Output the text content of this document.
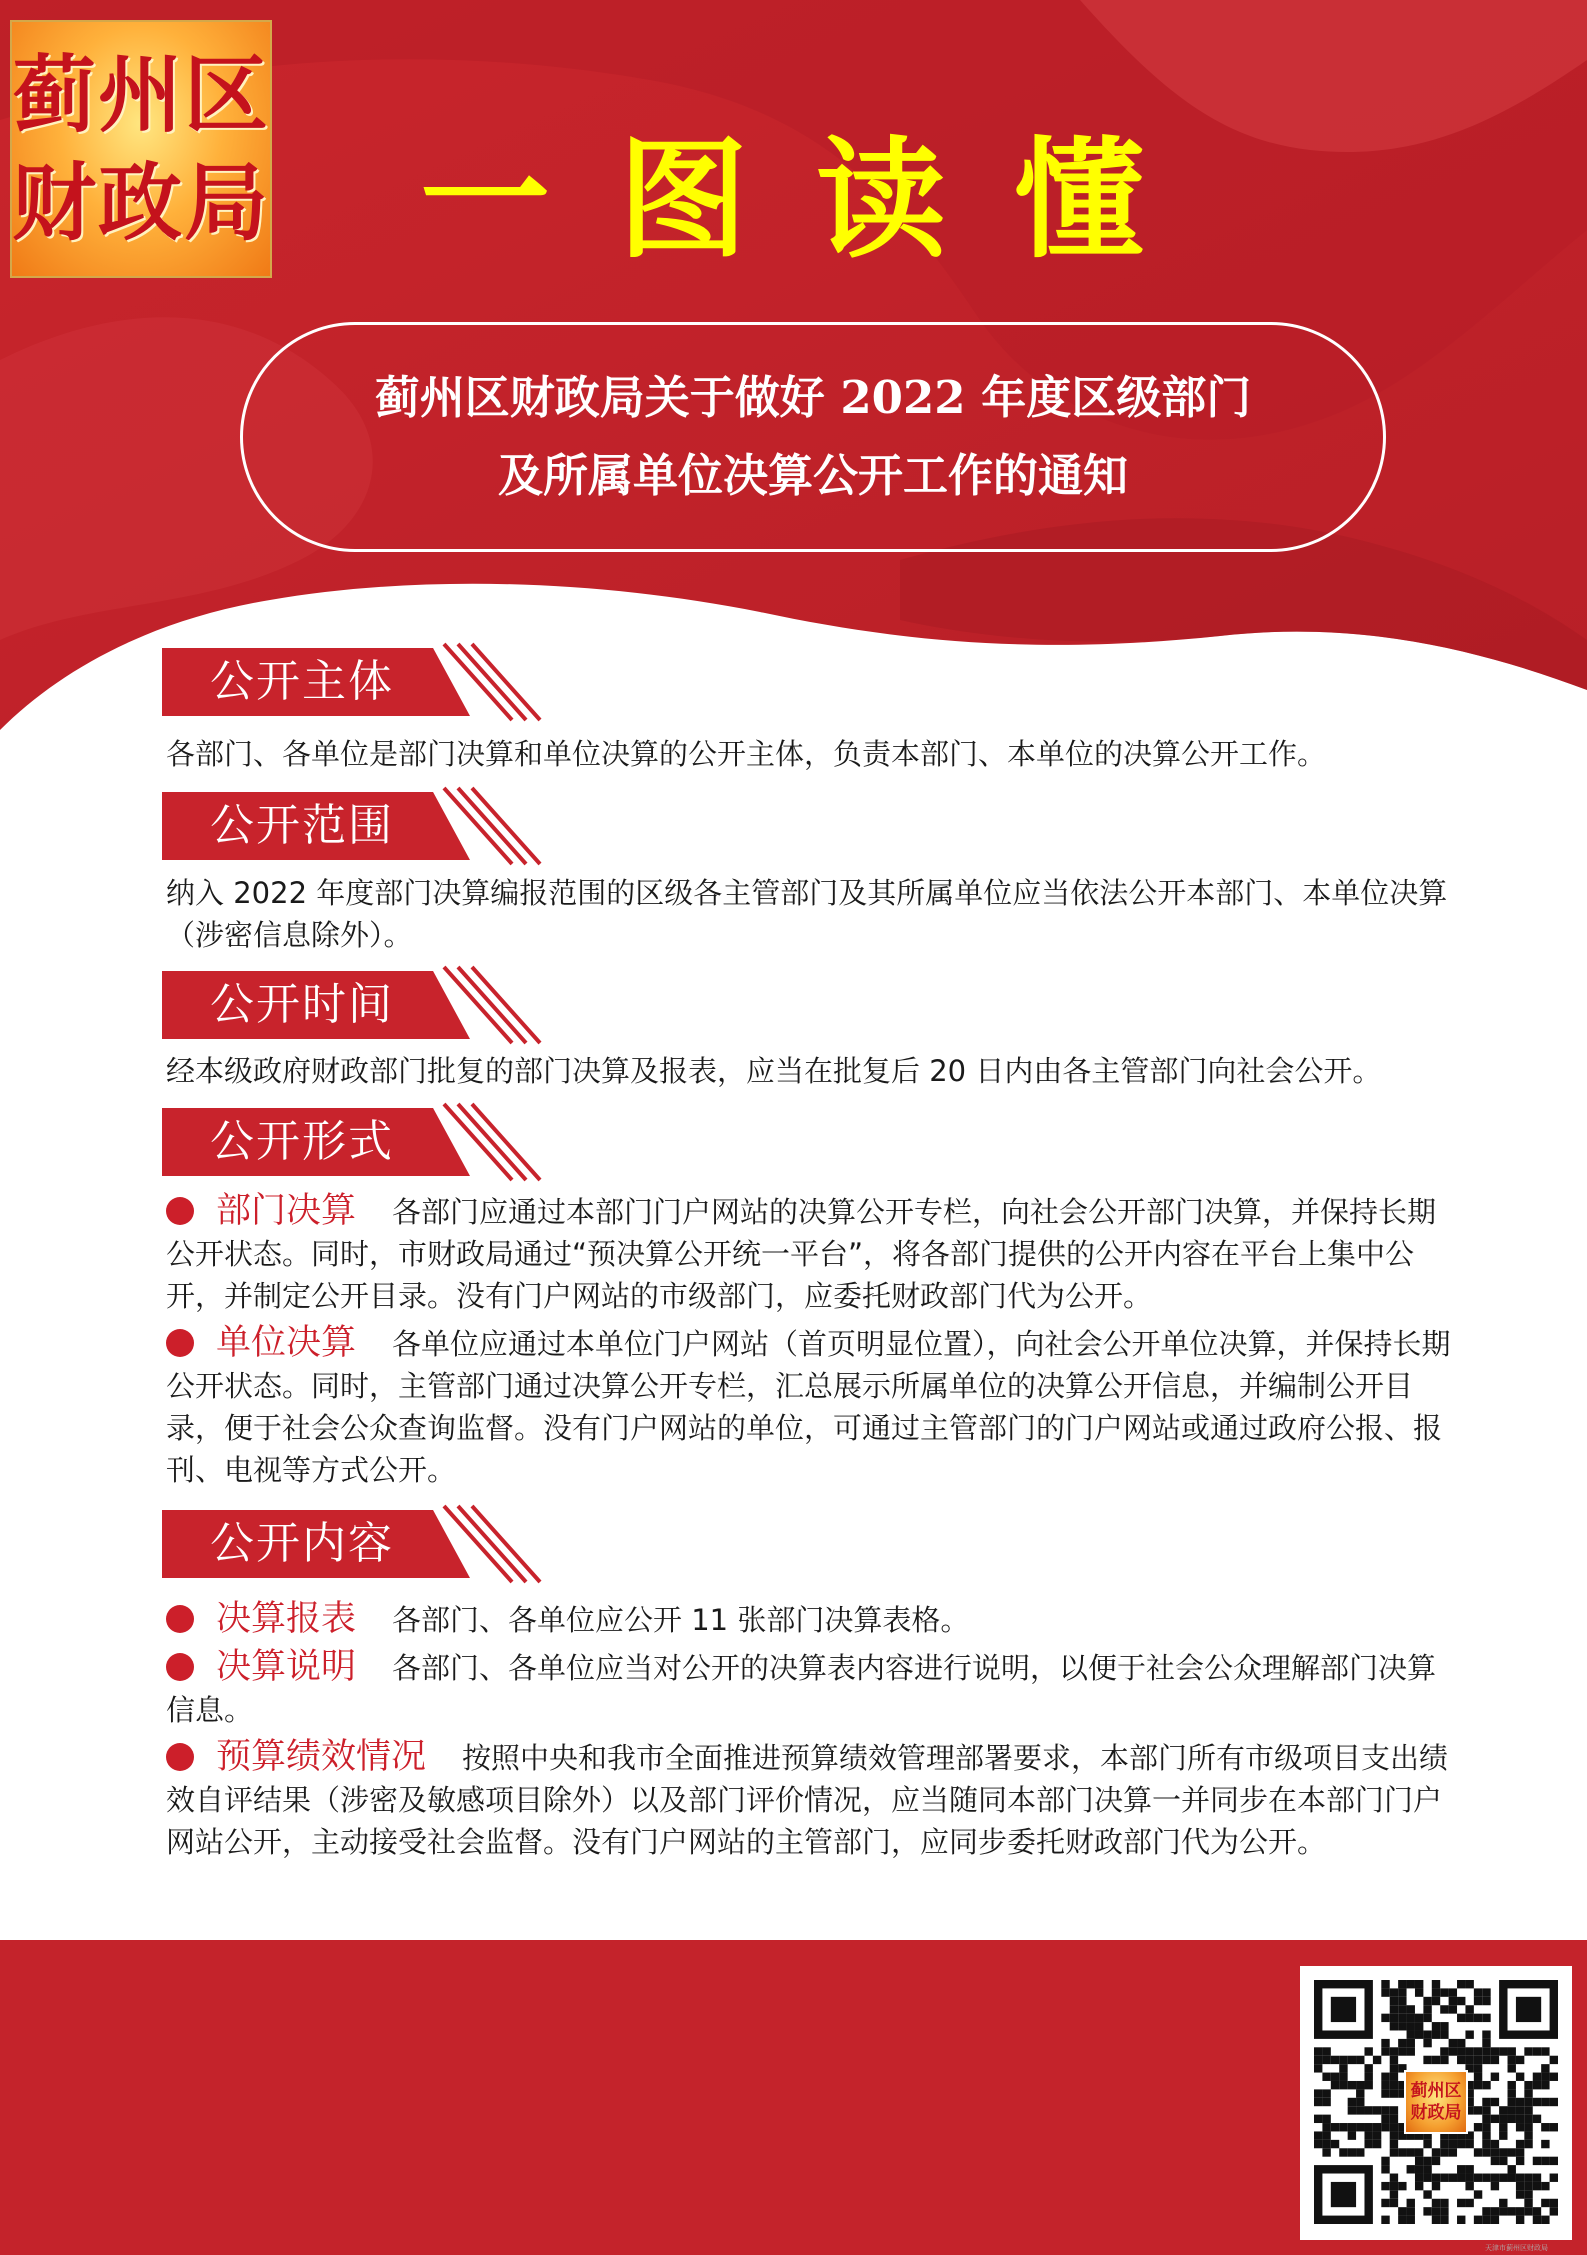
蓟州区
财政局 一图读懂
蓟州区财政局关于做好 2022 年度区级部门
及所属单位决算公开工作的通知
公开主体
各部门、各单位是部门决算和单位决算的公开主体，负责本部门、本单位的决算公开工作。
公开范围
纳入 2022 年度部门决算编报范围的区级各主管部门及其所属单位应当依法公开本部门、本单位决算（涉密信息除外）。
公开时间
经本级政府财政部门批复的部门决算及报表，应当在批复后 20 日内由各主管部门向社会公开。
公开形式
部门决算 各部门应通过本部门门户网站的决算公开专栏，向社会公开部门决算，并保持长期公开状态。同时，市财政局通过“预决算公开统一平台”，将各部门提供的公开内容在平台上集中公开，并制定公开目录。没有门户网站的市级部门，应委托财政部门代为公开。
单位决算 各单位应通过本单位门户网站（首页明显位置），向社会公开单位决算，并保持长期公开状态。同时，主管部门通过决算公开专栏，汇总展示所属单位的决算公开信息，并编制公开目录，便于社会公众查询监督。没有门户网站的单位，可通过主管部门的门户网站或通过政府公报、报刊、电视等方式公开。
公开内容
决算报表 各部门、各单位应公开 11 张部门决算表格。
决算说明 各部门、各单位应当对公开的决算表内容进行说明，以便于社会公众理解部门决算信息。
预算绩效情况 按照中央和我市全面推进预算绩效管理部署要求，本部门所有市级项目支出绩效自评结果（涉密及敏感项目除外）以及部门评价情况，应当随同本部门决算一并同步在本部门门户网站公开，主动接受社会监督。没有门户网站的主管部门，应同步委托财政部门代为公开。
蓟州区
财政局
天津市蓟州区财政局
